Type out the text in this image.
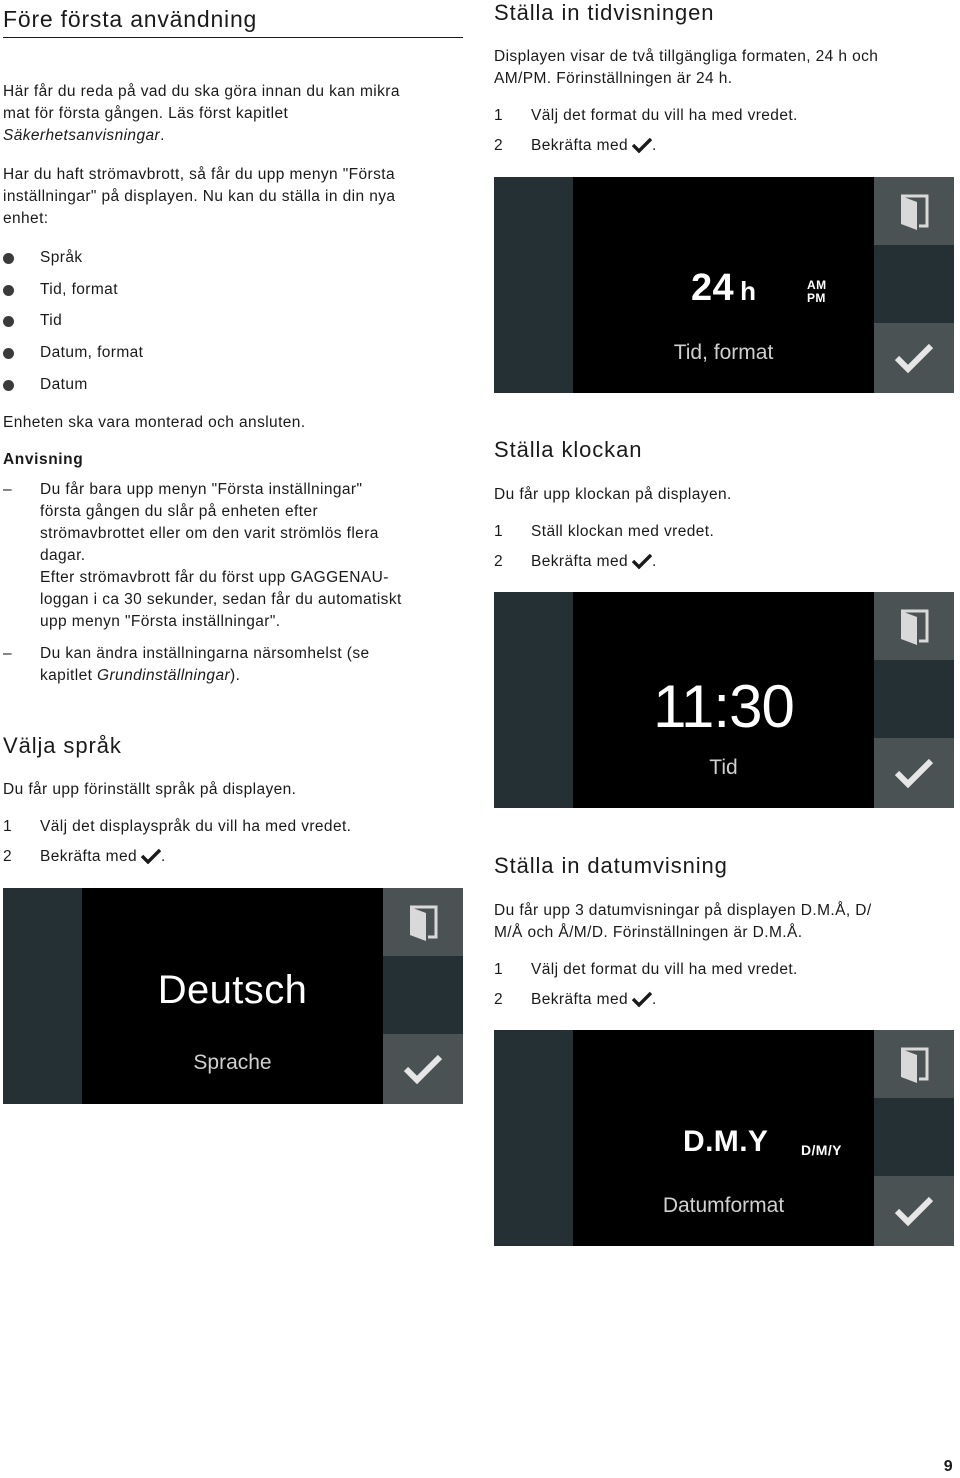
Före första användning

Här får du reda på vad du ska göra innan du kan mikra
mat för första gången. Läs först kapitlet
Säkerhetsanvisningar.

Har du haft strömavbrott, så får du upp menyn "Första
inställningar" på displayen. Nu kan du ställa in din nya
enhet:

Språk
Tid, format
Tid
Datum, format
Datum

Enheten ska vara monterad och ansluten.

Anvisning

– Du får bara upp menyn "Första inställningar"
första gången du slår på enheten efter
strömavbrottet eller om den varit strömlös flera
dagar.
Efter strömavbrott får du först upp GAGGENAU-
loggan i ca 30 sekunder, sedan får du automatiskt
upp menyn "Första inställningar".
– Du kan ändra inställningarna närsomhelst (se
kapitlet Grundinställningar).
Välja språk

Du får upp förinställt språk på displayen.

1 Välj det displayspråk du vill ha med vredet.
2 Bekräfta med .
Deutsch
Sprache
Ställa in tidvisningen

Displayen visar de två tillgängliga formaten, 24 h och
AM/PM. Förinställningen är 24 h.

1 Välj det format du vill ha med vredet.
2 Bekräfta med .
24 h	AM
PM
Tid, format
Ställa klockan

Du får upp klockan på displayen.

1 Ställ klockan med vredet.
2 Bekräfta med .
11:30
Tid
Ställa in datumvisning

Du får upp 3 datumvisningar på displayen D.M.Å, D/
M/Å och Å/M/D. Förinställningen är D.M.Å.

1 Välj det format du vill ha med vredet.
2 Bekräfta med .
D.M.Y D/M/Y
Datumformat
9
